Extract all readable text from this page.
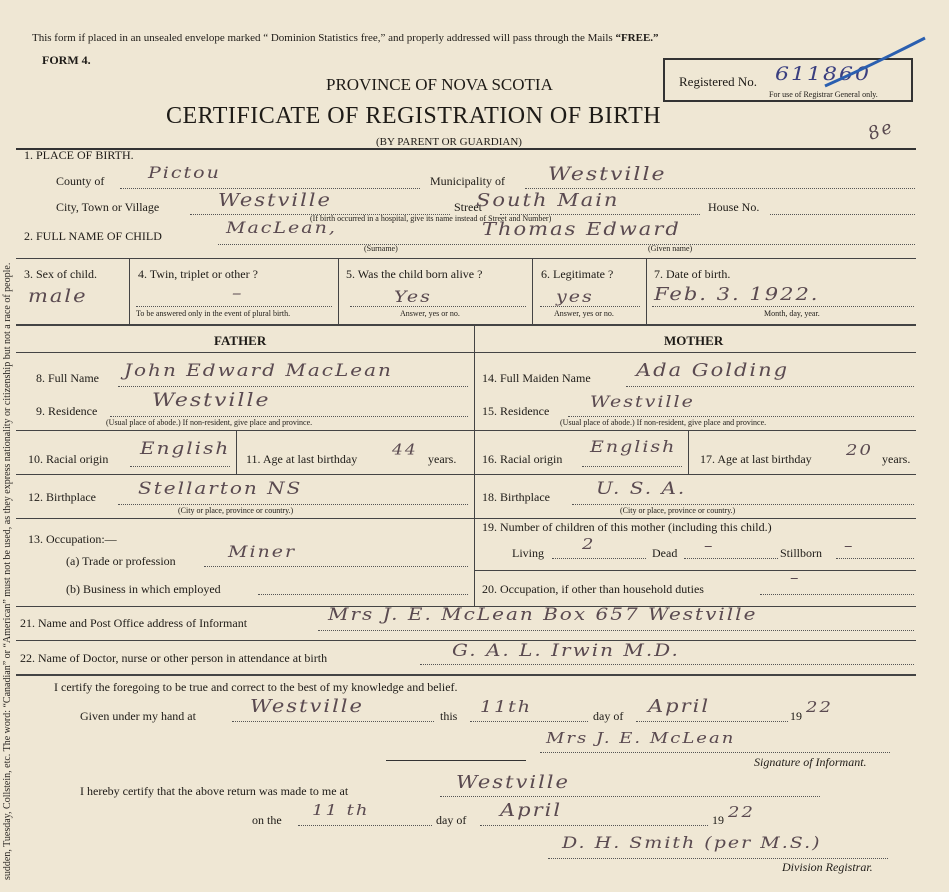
sudden, Tuesday, Collstein, etc. The word: “Canadian” or “American” must not be used, as they express nationality or citizenship but not a race of people.
This form if placed in an unsealed envelope marked “ Dominion Statistics free,” and properly addressed will pass through the Mails “FREE.”
FORM 4.
PROVINCE OF NOVA SCOTIA
CERTIFICATE OF REGISTRATION OF BIRTH
(BY PARENT OR GUARDIAN)
Registered No. 611860
For use of Registrar General only.
8e
1. PLACE OF BIRTH.
County of Pictou	Municipality of Westville
City, Town or Village	Westville	Street
South Main	House No.
(If birth occurred in a hospital, give its name instead of Street and Number)
2. FULL NAME OF CHILD	MacLean,	Thomas Edward
(Surname)	(Given name)
3. Sex of child.
male
4. Twin, triplet or other ?
–
To be answered only in the event of plural birth.
5. Was the child born alive ?
Yes
Answer, yes or no.
6. Legitimate ?
yes
Answer, yes or no.
7. Date of birth.
Feb. 3. 1922.
Month, day, year.
FATHER	MOTHER
8. Full Name John Edward MacLean
9. Residence Westville
(Usual place of abode.) If non-resident, give place and province.
10. Racial origin
English
11. Age at last birthday
44
years.
12. Birthplace Stellarton NS
(City or place, province or country.)
13. Occupation:—
(a) Trade or profession	Miner
(b) Business in which employed
14. Full Maiden Name Ada Golding
15. Residence Westville
(Usual place of abode.) If non-resident, give place and province.
16. Racial origin
English
17. Age at last birthday 20 years.
18. Birthplace U. S. A.
(City or place, province or country.)
19. Number of children of this mother (including this child.)
Living 2	Dead –	Stillborn –
20. Occupation, if other than household duties
–
21. Name and Post Office address of Informant	Mrs J. E. McLean Box 657 Westville
22. Name of Doctor, nurse or other person in attendance at birth	G. A. L. Irwin M.D.
I certify the foregoing to be true and correct to the best of my knowledge and belief.
Given under my hand at	Westville	this 11th	day of April	19 22
Mrs J. E. McLean
Signature of Informant.
I hereby certify that the above return was made to me at	Westville
on the
11 th
day of April	19 22
D. H. Smith (per M.S.)
Division Registrar.
